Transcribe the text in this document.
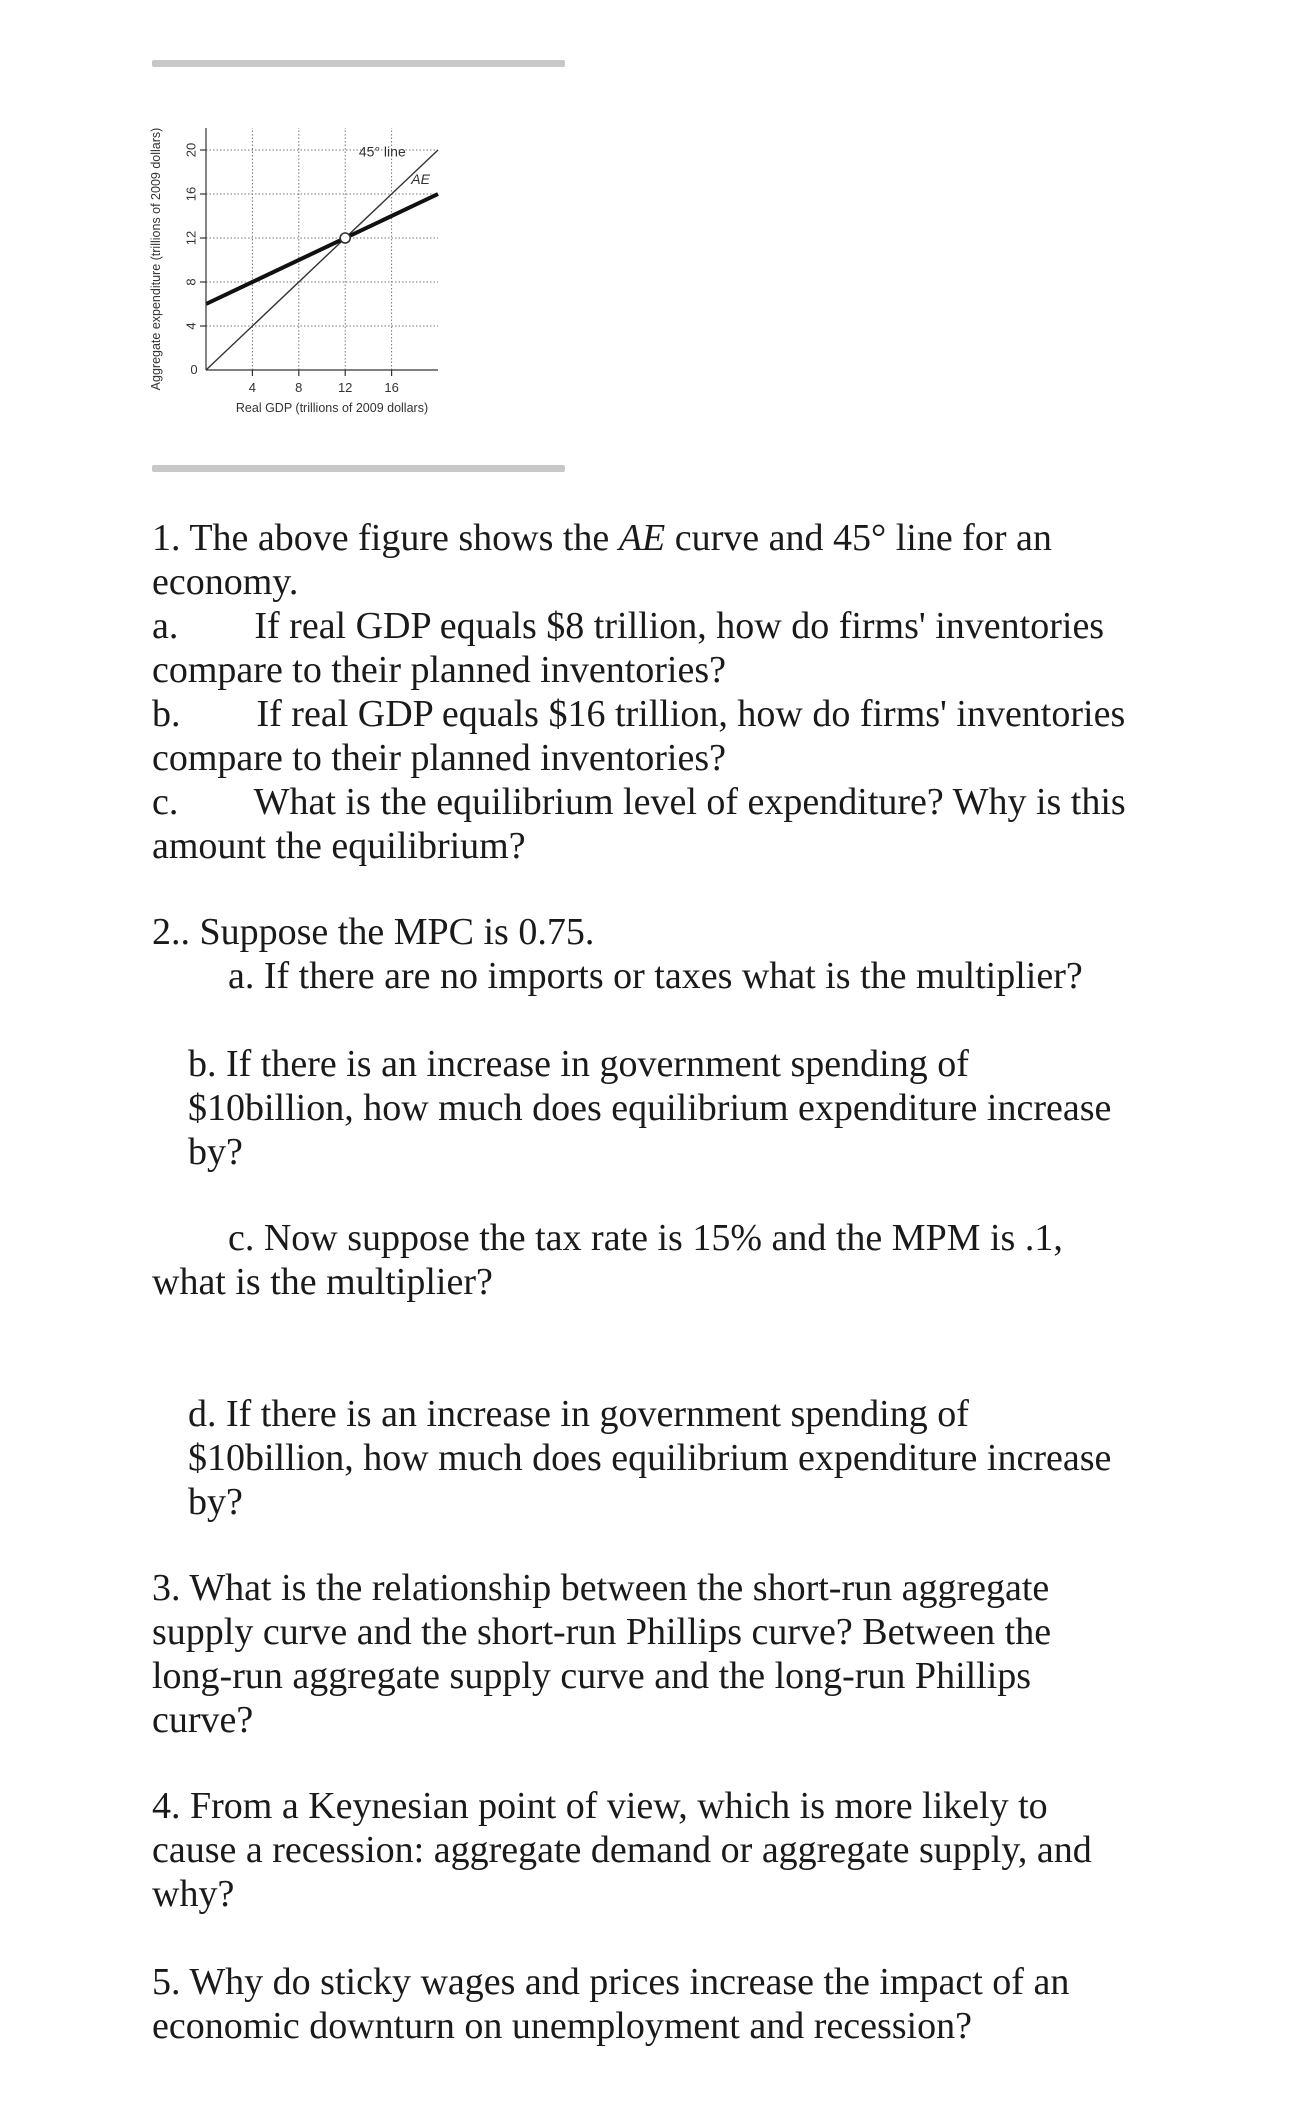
4
8
12
16
20
4	8	12 16
0
Real GDP (trillions of 2009 dollars)
Aggregate expenditure (trillions of 2009 dollars)	45° line
AE

1. The above figure shows the AE curve and 45° line for an
economy.

a.        If real GDP equals $8 trillion, how do firms' inventories
compare to their planned inventories?

b.        If real GDP equals $16 trillion, how do firms' inventories
compare to their planned inventories?

c.        What is the equilibrium level of expenditure? Why is this
amount the equilibrium?

2.. Suppose the MPC is 0.75.

a. If there are no imports or taxes what is the multiplier?

b. If there is an increase in government spending of
$10billion, how much does equilibrium expenditure increase
by?

c. Now suppose the tax rate is 15% and the MPM is .1,
what is the multiplier?

d. If there is an increase in government spending of
$10billion, how much does equilibrium expenditure increase
by?

3. What is the relationship between the short-run aggregate
supply curve and the short-run Phillips curve? Between the
long-run aggregate supply curve and the long-run Phillips
curve?

4. From a Keynesian point of view, which is more likely to
cause a recession: aggregate demand or aggregate supply, and
why?

5. Why do sticky wages and prices increase the impact of an
economic downturn on unemployment and recession?
